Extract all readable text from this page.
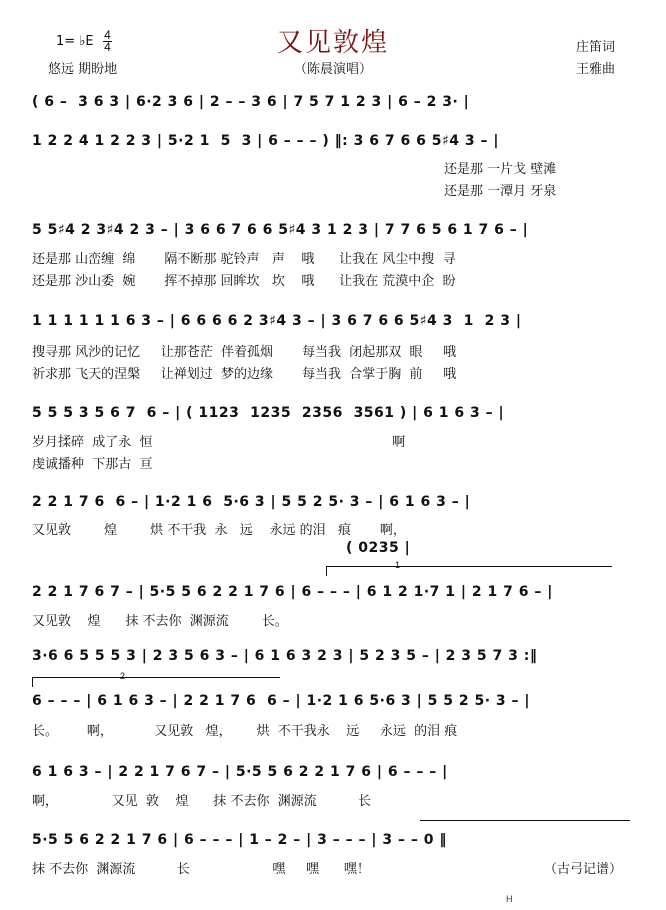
1= ♭E 4
4	又见敦煌
（陈晨演唱）
悠远 期盼地
庄笛词
王雅曲
( 6 –  3 6 3 | 6·2 3 6 | 2 – – 3 6 | 7 5 7 1 2 3 | 6 – 2 3· |
1 2 2 4 1 2 2 3 | 5·2 1  5  3 | 6 – – – ) ‖: 3 6 7 6 6 5♯4 3 – |
还是那 一片戈 壁滩
还是那 一潭月 牙泉
5 5♯4 2 3♯4 2 3 – | 3 6 6 7 6 6 5♯4 3 1 2 3 | 7 7 6 5 6 1 7 6 – |
还是那 山峦缠  绵       隔不断那 驼铃声   声    哦      让我在 风尘中搜  寻
还是那 沙山委  婉       挥不掉那 回眸坎   坎    哦      让我在 荒漠中企  盼
1 1 1 1 1 1 6 3 – | 6 6 6 6 2 3♯4 3 – | 3 6 7 6 6 5♯4 3  1  2 3 |
搜寻那 风沙的记忆     让那苍茫  伴着孤烟       每当我  闭起那双  眼     哦
祈求那 飞天的涅槃     让禅划过  梦的边缘       每当我  合掌于胸  前     哦
5 5 5 3 5 6 7  6 – | ( 1123  1235  2356  3561 ) | 6 1 6 3 – |
岁月揉碎  成了永  恒                                                          啊
虔诚播种  下那古  亘
2 2 1 7 6  6 – | 1·2 1 6  5·6 3 | 5 5 2 5· 3 – | 6 1 6 3 – |
又见敦        煌        烘 不干我  永   远    永远 的泪   痕       啊，
( 0235 |
1
2 2 1 7 6 7 – | 5·5 5 6 2 2 1 7 6 | 6 – – – | 6 1 2 1·7 1 | 2 1 7 6 – |
又见敦    煌      抹 不去你  渊源流        长。
3·6 6 5 5 5 3 | 2 3 5 6 3 – | 6 1 6 3 2 3 | 5 2 3 5 – | 2 3 5 7 3 :‖
2
6 – – – | 6 1 6 3 – | 2 2 1 7 6  6 – | 1·2 1 6 5·6 3 | 5 5 2 5· 3 – |
长。       啊，          又见敦   煌，      烘  不干我永    远     永远  的泪 痕
6 1 6 3 – | 2 2 1 7 6 7 – | 5·5 5 6 2 2 1 7 6 | 6 – – – |
啊，             又见  敦    煌      抹 不去你  渊源流          长
5·5 5 6 2 2 1 7 6 | 6 – – – | 1 – 2 – | 3 – – – | 3 – – 0 ‖
抹 不去你  渊源流          长                    嘿     嘿      嘿！	（古弓记谱）
H
